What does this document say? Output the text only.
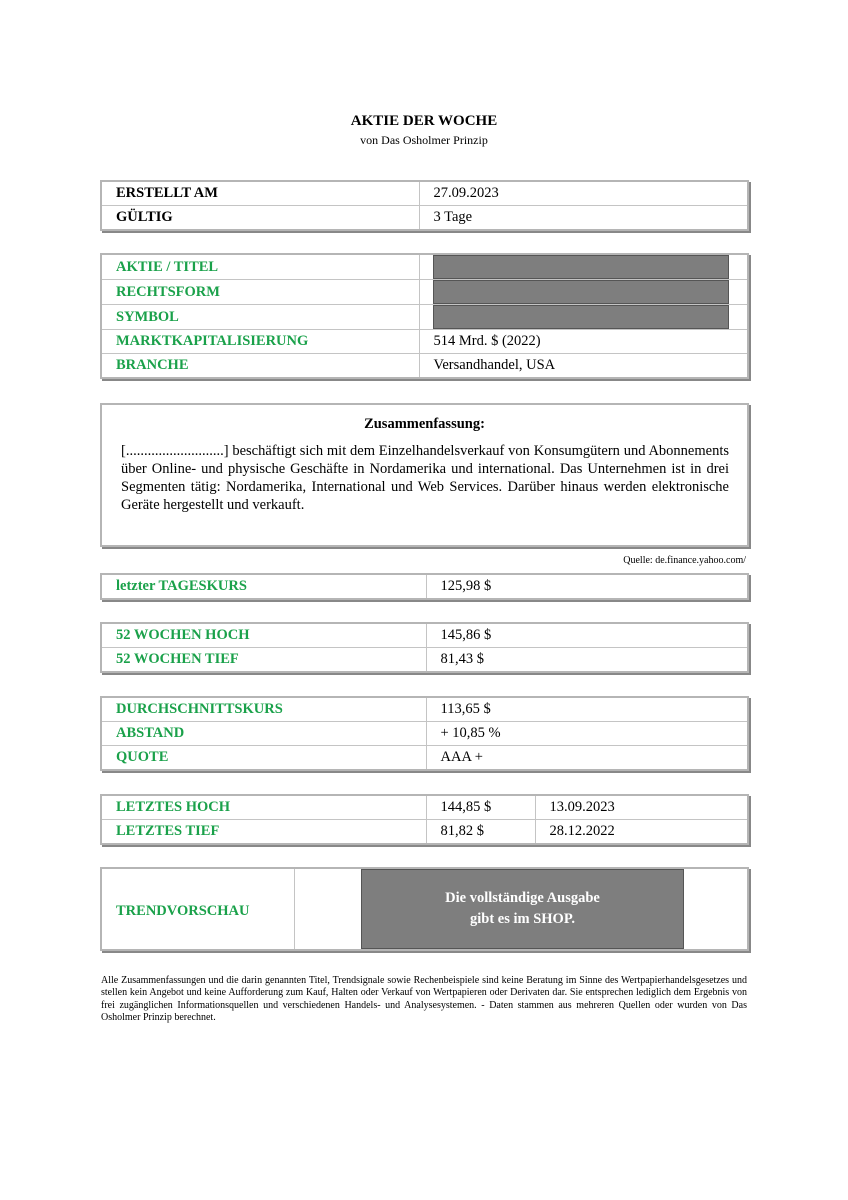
AKTIE DER WOCHE
von Das Osholmer Prinzip
ERSTELLT AM	27.09.2023
GÜLTIG	3 Tage
AKTIE / TITEL	

RECHTSFORM	

SYMBOL	

MARKTKAPITALISIERUNG	514 Mrd. $ (2022)
BRANCHE	Versandhandel, USA
Zusammenfassung:
[...........................] beschäftigt sich mit dem Einzelhandelsverkauf von Konsumgütern und Abonnements über Online- und physische Geschäfte in Nordamerika und international. Das Unternehmen ist in drei Segmenten tätig: Nordamerika, International und Web Services. Darüber hinaus werden elektronische Geräte hergestellt und verkauft.
Quelle: de.finance.yahoo.com/
letzter TAGESKURS	125,98 $
52 WOCHEN HOCH	145,86 $
52 WOCHEN TIEF	81,43 $
DURCHSCHNITTSKURS	113,65 $
ABSTAND	+ 10,85 %
QUOTE	AAA +
LETZTES HOCH	144,85 $	13.09.2023
LETZTES TIEF	81,82 $	28.12.2022
TRENDVORSCHAU
Die vollständige Ausgabe
gibt es im SHOP.
Alle Zusammenfassungen und die darin genannten Titel, Trendsignale sowie Rechenbeispiele sind keine Beratung im Sinne des Wertpapierhandelsgesetzes und stellen kein Angebot und keine Aufforderung zum Kauf, Halten oder Verkauf von Wertpapieren oder Derivaten dar. Sie entsprechen lediglich dem Ergebnis von frei zugänglichen Informationsquellen und verschiedenen Handels- und Analysesystemen. - Daten stammen aus mehreren Quellen oder wurden von Das Osholmer Prinzip berechnet.
